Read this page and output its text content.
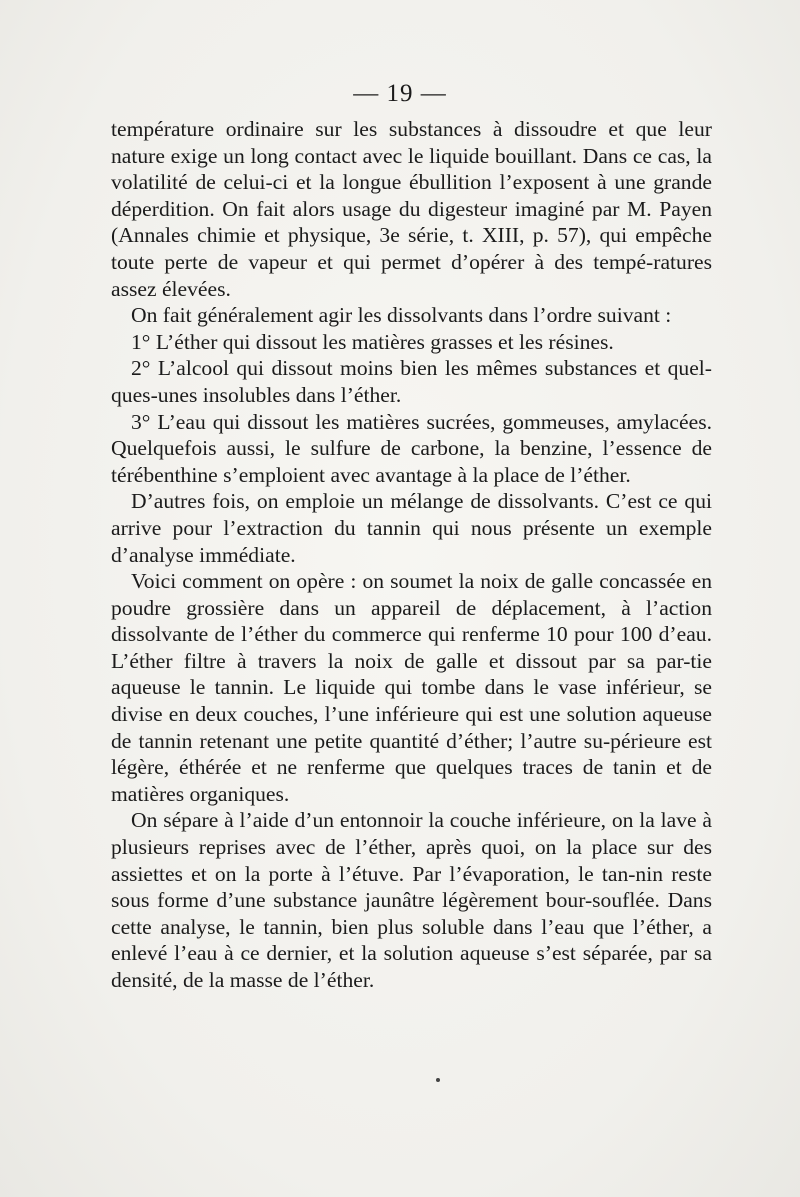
— 19 —

température ordinaire sur les substances à dissoudre et que leur nature exige un long contact avec le liquide bouillant. Dans ce cas, la volatilité de celui-ci et la longue ébullition l’exposent à une grande déperdition. On fait alors usage du digesteur imaginé par M. Payen (Annales chimie et physique, 3e série, t. XIII, p. 57), qui empêche toute perte de vapeur et qui permet d’opérer à des tempé-ratures assez élevées.

On fait généralement agir les dissolvants dans l’ordre suivant :

1° L’éther qui dissout les matières grasses et les résines.

2° L’alcool qui dissout moins bien les mêmes substances et quel-ques-unes insolubles dans l’éther.

3° L’eau qui dissout les matières sucrées, gommeuses, amylacées. Quelquefois aussi, le sulfure de carbone, la benzine, l’essence de térébenthine s’emploient avec avantage à la place de l’éther.

D’autres fois, on emploie un mélange de dissolvants. C’est ce qui arrive pour l’extraction du tannin qui nous présente un exemple d’analyse immédiate.

Voici comment on opère : on soumet la noix de galle concassée en poudre grossière dans un appareil de déplacement, à l’action dissolvante de l’éther du commerce qui renferme 10 pour 100 d’eau. L’éther filtre à travers la noix de galle et dissout par sa par-tie aqueuse le tannin. Le liquide qui tombe dans le vase inférieur, se divise en deux couches, l’une inférieure qui est une solution aqueuse de tannin retenant une petite quantité d’éther; l’autre su-périeure est légère, éthérée et ne renferme que quelques traces de tanin et de matières organiques.

On sépare à l’aide d’un entonnoir la couche inférieure, on la lave à plusieurs reprises avec de l’éther, après quoi, on la place sur des assiettes et on la porte à l’étuve. Par l’évaporation, le tan-nin reste sous forme d’une substance jaunâtre légèrement bour-souflée. Dans cette analyse, le tannin, bien plus soluble dans l’eau que l’éther, a enlevé l’eau à ce dernier, et la solution aqueuse s’est séparée, par sa densité, de la masse de l’éther.
